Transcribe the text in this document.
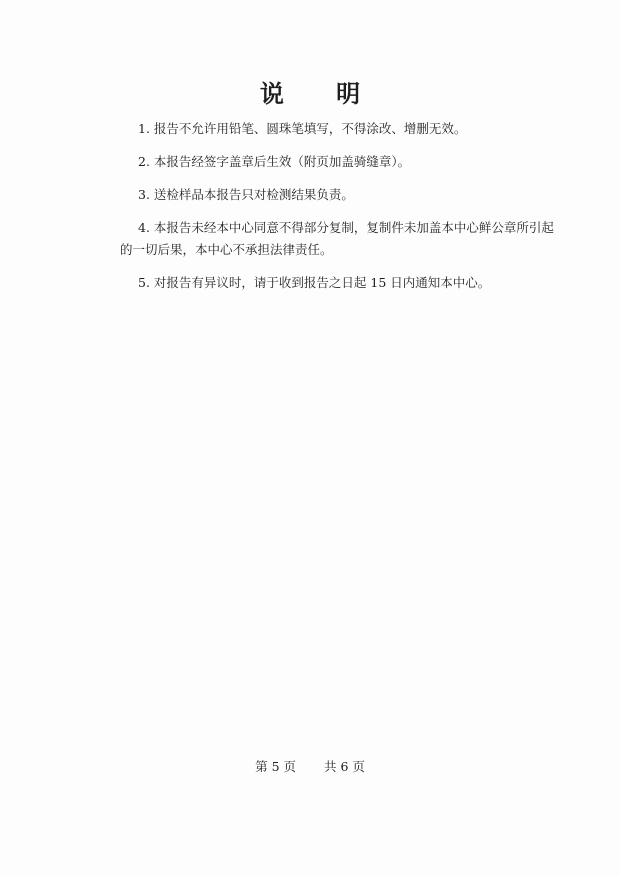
说 明
1. 报告不允许用铅笔、圆珠笔填写，不得涂改、增删无效。
2. 本报告经签字盖章后生效（附页加盖骑缝章）。
3. 送检样品本报告只对检测结果负责。
4. 本报告未经本中心同意不得部分复制，复制件未加盖本中心鲜公章所引起的一切后果，本中心不承担法律责任。
5. 对报告有异议时，请于收到报告之日起 15 日内通知本中心。

第 5 页 共 6 页
